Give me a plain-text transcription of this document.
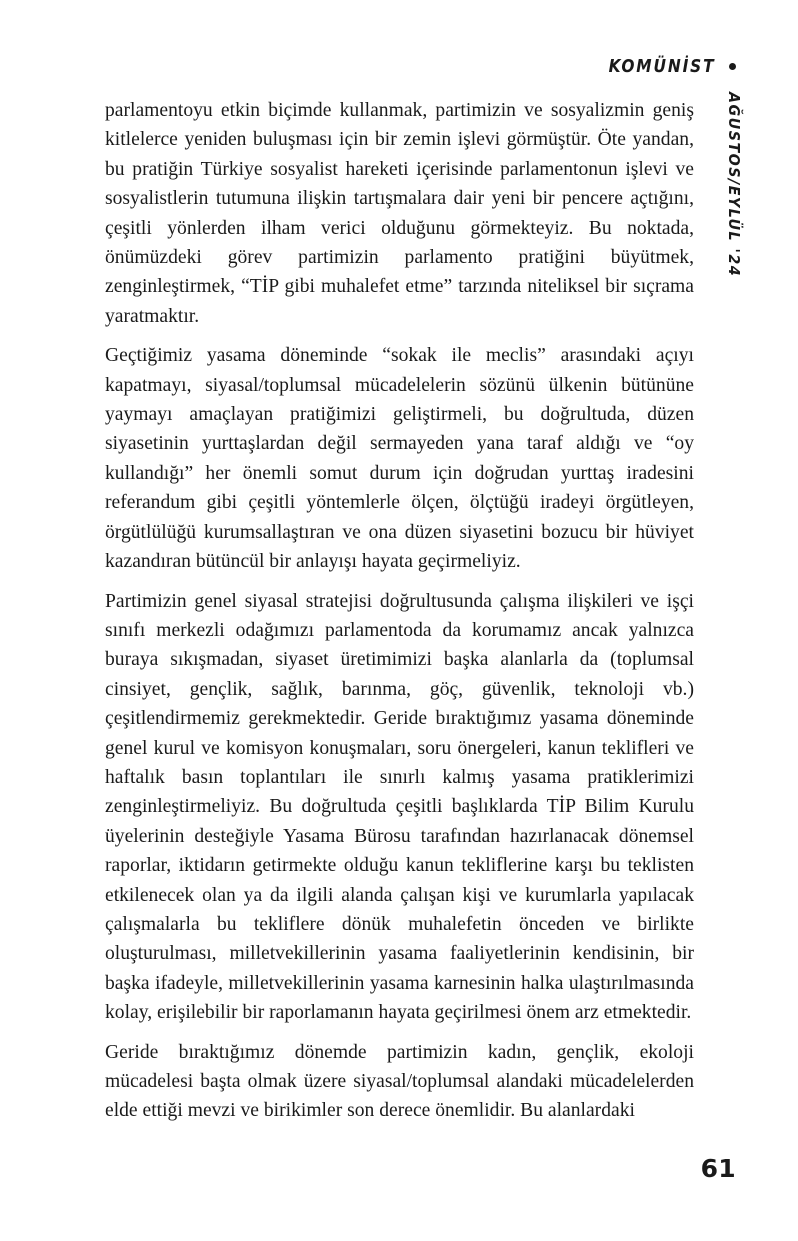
KOMÜNİST
AĞUSTOS/EYLÜL '24

parlamentoyu etkin biçimde kullanmak, partimizin ve sosyalizmin geniş kitlelerce yeniden buluşması için bir zemin işlevi görmüştür. Öte yandan, bu pratiğin Türkiye sosyalist hareketi içerisinde parlamentonun işlevi ve sosyalistlerin tutumuna ilişkin tartışmalara dair yeni bir pencere açtığını, çeşitli yönlerden ilham verici olduğunu görmekteyiz. Bu noktada, önümüzdeki görev partimizin parlamento pratiğini büyütmek, zenginleştirmek, “TİP gibi muhalefet etme” tarzında niteliksel bir sıçrama yaratmaktır.

Geçtiğimiz yasama döneminde “sokak ile meclis” arasındaki açıyı kapatmayı, siyasal/toplumsal mücadelelerin sözünü ülkenin bütününe yaymayı amaçlayan pratiğimizi geliştirmeli, bu doğrultuda, düzen siyasetinin yurttaşlardan değil sermayeden yana taraf aldığı ve “oy kullandığı” her önemli somut durum için doğrudan yurttaş iradesini referandum gibi çeşitli yöntemlerle ölçen, ölçtüğü iradeyi örgütleyen, örgütlülüğü kurumsallaştıran ve ona düzen siyasetini bozucu bir hüviyet kazandıran bütüncül bir anlayışı hayata geçirmeliyiz.

Partimizin genel siyasal stratejisi doğrultusunda çalışma ilişkileri ve işçi sınıfı merkezli odağımızı parlamentoda da korumamız ancak yalnızca buraya sıkışmadan, siyaset üretimimizi başka alanlarla da (toplumsal cinsiyet, gençlik, sağlık, barınma, göç, güvenlik, teknoloji vb.) çeşitlendirmemiz gerekmektedir. Geride bıraktığımız yasama döneminde genel kurul ve komisyon konuşmaları, soru önergeleri, kanun teklifleri ve haftalık basın toplantıları ile sınırlı kalmış yasama pratiklerimizi zenginleştirmeliyiz. Bu doğrultuda çeşitli başlıklarda TİP Bilim Kurulu üyelerinin desteğiyle Yasama Bürosu tarafından hazırlanacak dönemsel raporlar, iktidarın getirmekte olduğu kanun tekliflerine karşı bu teklisten etkilenecek olan ya da ilgili alanda çalışan kişi ve kurumlarla yapılacak çalışmalarla bu tekliflere dönük muhalefetin önceden ve birlikte oluşturulması, milletvekillerinin yasama faaliyetlerinin kendisinin, bir başka ifadeyle, milletvekillerinin yasama karnesinin halka ulaştırılmasında kolay, erişilebilir bir raporlamanın hayata geçirilmesi önem arz etmektedir.

Geride bıraktığımız dönemde partimizin kadın, gençlik, ekoloji mücadelesi başta olmak üzere siyasal/toplumsal alandaki mücadelelerden elde ettiği mevzi ve birikimler son derece önemlidir. Bu alanlardaki

61
